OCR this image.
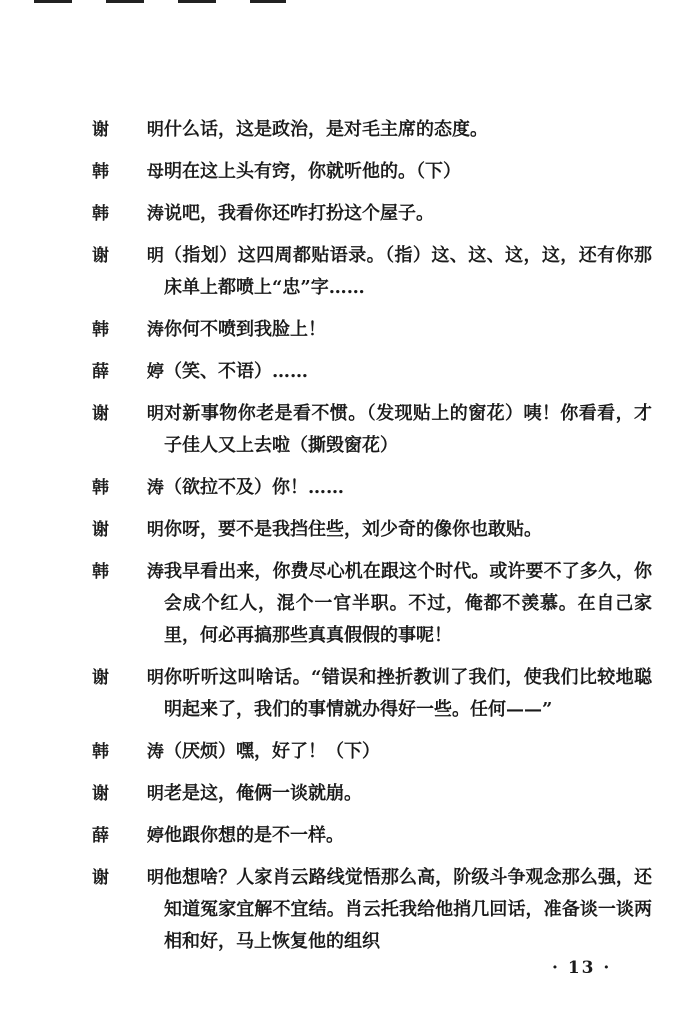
谢 明
什么话，这是政治，是对毛主席的态度。
韩 母
明在这上头有窍，你就听他的。（下）
韩 涛
说吧，我看你还咋打扮这个屋子。
谢 明
（指划）这四周都贴语录。（指）这、这、这，这，还有你那床单上都喷上“忠”字……
韩 涛
你何不喷到我脸上！
薛 婷
（笑、不语）……
谢 明
对新事物你老是看不惯。（发现贴上的窗花）咦！你看看，才子佳人又上去啦（撕毁窗花）
韩 涛
（欲拉不及）你！……
谢 明
你呀，要不是我挡住些，刘少奇的像你也敢贴。
韩 涛
我早看出来，你费尽心机在跟这个时代。或许要不了多久，你会成个红人，混个一官半职。不过，俺都不羡慕。在自己家里，何必再搞那些真真假假的事呢！
谢 明
你听听这叫啥话。“错误和挫折教训了我们，使我们比较地聪明起来了，我们的事情就办得好一些。任何——”
韩 涛
（厌烦）嘿，好了！（下）
谢 明
老是这，俺俩一谈就崩。
薛 婷
他跟你想的是不一样。
谢 明
他想啥？人家肖云路线觉悟那么高，阶级斗争观念那么强，还知道冤家宜解不宜结。肖云托我给他捎几回话，准备谈一谈两相和好，马上恢复他的组织
· 13 ·
